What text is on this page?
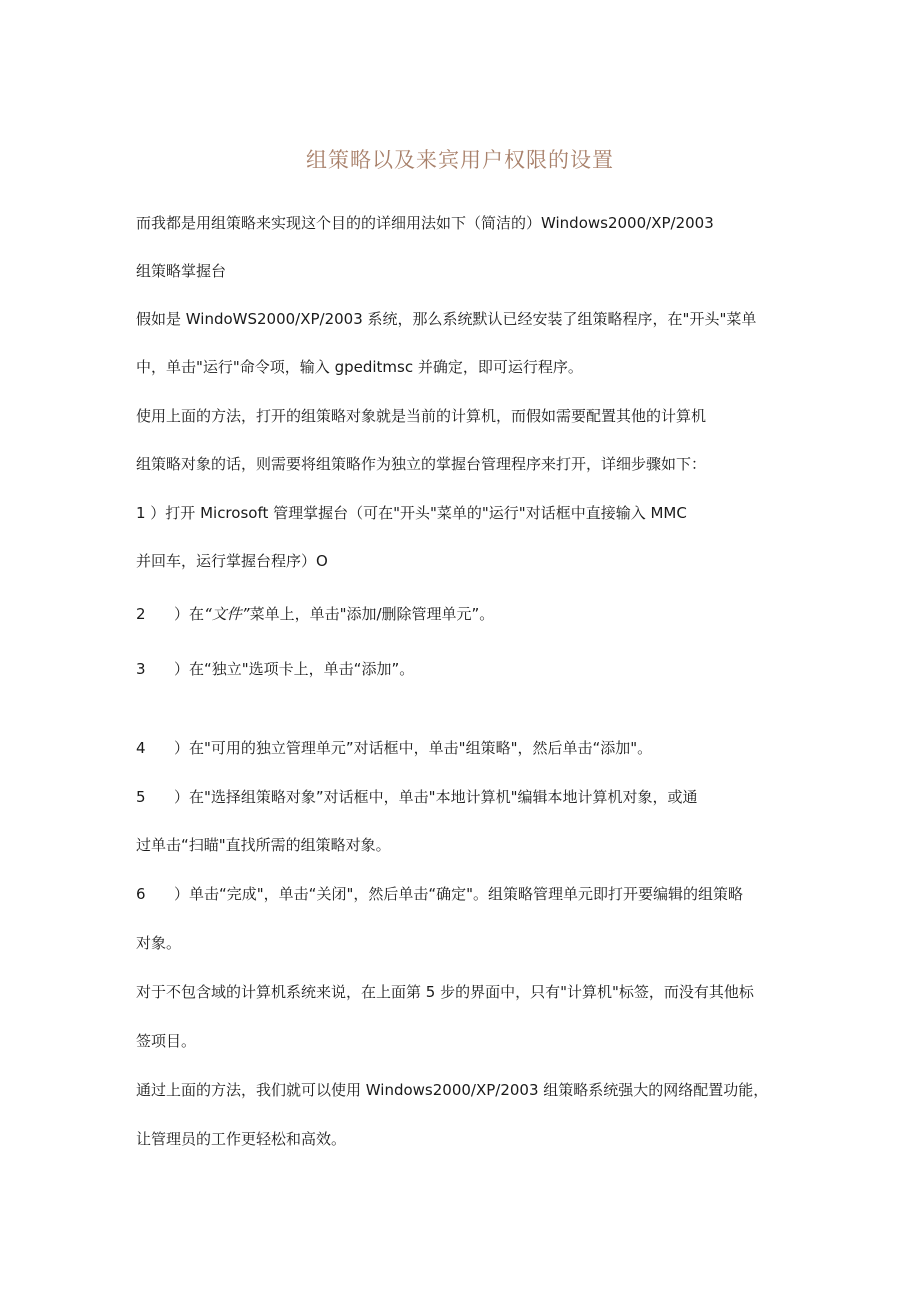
组策略以及来宾用户权限的设置
而我都是用组策略来实现这个目的的详细用法如下（简洁的）Windows2000/XP/2003
组策略掌握台
假如是 WindoWS2000/XP/2003 系统，那么系统默认已经安装了组策略程序，在"开头"菜单
中，单击"运行"命令项，输入 gpeditmsc 并确定，即可运行程序。
使用上面的方法，打开的组策略对象就是当前的计算机，而假如需要配置其他的计算机
组策略对象的话，则需要将组策略作为独立的掌握台管理程序来打开，详细步骤如下：
1 ）打开 Microsoft 管理掌握台（可在"开头"菜单的"运行"对话框中直接输入 MMC
并回车，运行掌握台程序）O
2 ）在“文件”菜单上，单击"添加/删除管理单元”。
3 ）在“独立"选项卡上，单击“添加”。
4 ）在"可用的独立管理单元”对话框中，单击"组策略"，然后单击“添加"。
5 ）在"选择组策略对象”对话框中，单击"本地计算机"编辑本地计算机对象，或通
过单击“扫瞄"直找所需的组策略对象。
6 ）单击“完成"，单击“关闭"，然后单击“确定"。组策略管理单元即打开要编辑的组策略
对象。
对于不包含域的计算机系统来说，在上面第 5 步的界面中，只有"计算机"标签，而没有其他标
签项目。
通过上面的方法，我们就可以使用 Windows2000/XP/2003 组策略系统强大的网络配置功能，
让管理员的工作更轻松和高效。
